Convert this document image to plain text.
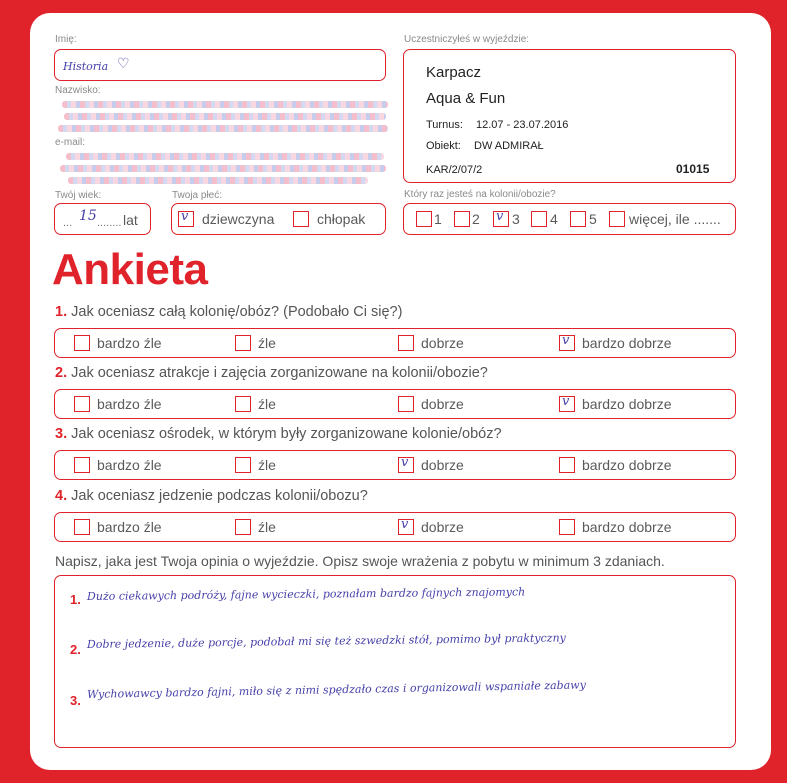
Imię:
Historia ♡
Nazwisko:
e-mail:
Twój wiek:
... 15 ........ lat
Twoja płeć:
v dziewczyna	chłopak
Uczestniczyłeś w wyjeździe:
Karpacz
Aqua & Fun
Turnus: 12.07 - 23.07.2016
Obiekt: DW ADMIRAŁ
KAR/2/07/2	01015
Który raz jesteś na kolonii/obozie?
1 2 v 3 4 5 więcej, ile .......
Ankieta
1. Jak oceniasz całą kolonię/obóz? (Podobało Ci się?)
bardzo źle	źle	dobrze	v bardzo dobrze
2. Jak oceniasz atrakcje i zajęcia zorganizowane na kolonii/obozie?
bardzo źle	źle	dobrze	v bardzo dobrze
3. Jak oceniasz ośrodek, w którym były zorganizowane kolonie/obóz?
bardzo źle	źle	v dobrze	bardzo dobrze
4. Jak oceniasz jedzenie podczas kolonii/obozu?
bardzo źle	źle	v dobrze	bardzo dobrze
Napisz, jaka jest Twoja opinia o wyjeździe. Opisz swoje wrażenia z pobytu w minimum 3 zdaniach.
1. Dużo ciekawych podróży, fajne wycieczki, poznałam bardzo fajnych znajomych
2. Dobre jedzenie, duże porcje, podobał mi się też szwedzki stół, pomimo był praktyczny
3. Wychowawcy bardzo fajni, miło się z nimi spędzało czas i organizowali wspaniałe zabawy
